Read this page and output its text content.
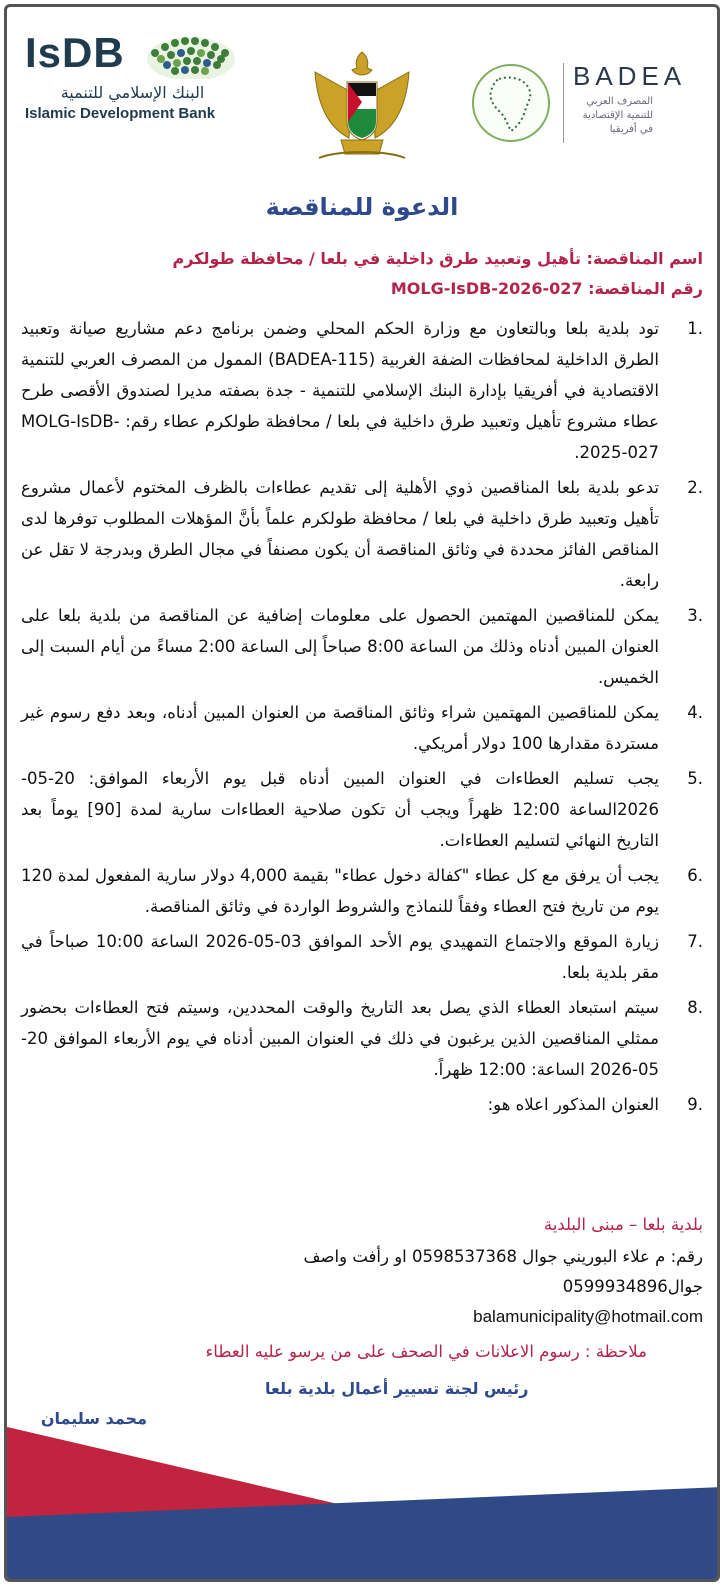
IsDB
البنك الإسلامي للتنمية
Islamic Development Bank
BADEA
المصرف العربي
للتنمية الإقتصادية
في أفريقيا
الدعوة للمناقصة
اسم المناقصة: تأهيل وتعبيد طرق داخلية في بلعا / محافظة طولكرم
رقم المناقصة: MOLG-IsDB-2026-027
1.
تود بلدية بلعا وبالتعاون مع وزارة الحكم المحلي وضمن برنامج دعم مشاريع صيانة وتعبيد الطرق الداخلية لمحافظات الضفة الغربية (BADEA-115) الممول من المصرف العربي للتنمية الاقتصادية في أفريقيا بإدارة البنك الإسلامي للتنمية - جدة بصفته مديرا لصندوق الأقصى طرح عطاء مشروع تأهيل وتعبيد طرق داخلية في بلعا / محافظة طولكرم عطاء رقم: MOLG-IsDB-2025-027.
2.
تدعو بلدية بلعا المناقصين ذوي الأهلية إلى تقديم عطاءات بالظرف المختوم لأعمال مشروع تأهيل وتعبيد طرق داخلية في بلعا / محافظة طولكرم علماً بأنَّ المؤهلات المطلوب توفرها لدى المناقص الفائز محددة في وثائق المناقصة أن يكون مصنفاً في مجال الطرق وبدرجة لا تقل عن رابعة.
3.
يمكن للمناقصين المهتمين الحصول على معلومات إضافية عن المناقصة من بلدية بلعا على العنوان المبين أدناه وذلك من الساعة 8:00 صباحاً إلى الساعة 2:00 مساءً من أيام السبت إلى الخميس.
4.
يمكن للمناقصين المهتمين شراء وثائق المناقصة من العنوان المبين أدناه، وبعد دفع رسوم غير مستردة مقدارها 100 دولار أمريكي.
5.
يجب تسليم العطاءات في العنوان المبين أدناه قبل يوم الأربعاء الموافق: 20-05- 2026الساعة 12:00 ظهراً ويجب أن تكون صلاحية العطاءات سارية لمدة [90] يوماً بعد التاريخ النهائي لتسليم العطاءات.
6.
يجب أن يرفق مع كل عطاء "كفالة دخول عطاء" بقيمة 4,000 دولار سارية المفعول لمدة 120 يوم من تاريخ فتح العطاء وفقاً للنماذج والشروط الواردة في وثائق المناقصة.
7.
زيارة الموقع والاجتماع التمهيدي يوم الأحد الموافق 03-05-2026 الساعة 10:00 صباحاً في مقر بلدية بلعا.
8.
سيتم استبعاد العطاء الذي يصل بعد التاريخ والوقت المحددين، وسيتم فتح العطاءات بحضور ممثلي المناقصين الذين يرغبون في ذلك في العنوان المبين أدناه في يوم الأربعاء الموافق 20-05-2026 الساعة: 12:00 ظهراً.
9.
العنوان المذكور اعلاه هو:
بلدية بلعا – مبنى البلدية
رقم: م علاء البوريني جوال 0598537368 او رأفت واصف
جوال0599934896
balamunicipality@hotmail.com
ملاحظة : رسوم الاعلانات في الصحف على من يرسو عليه العطاء
رئيس لجنة تسيير أعمال بلدية بلعا
محمد سليمان
